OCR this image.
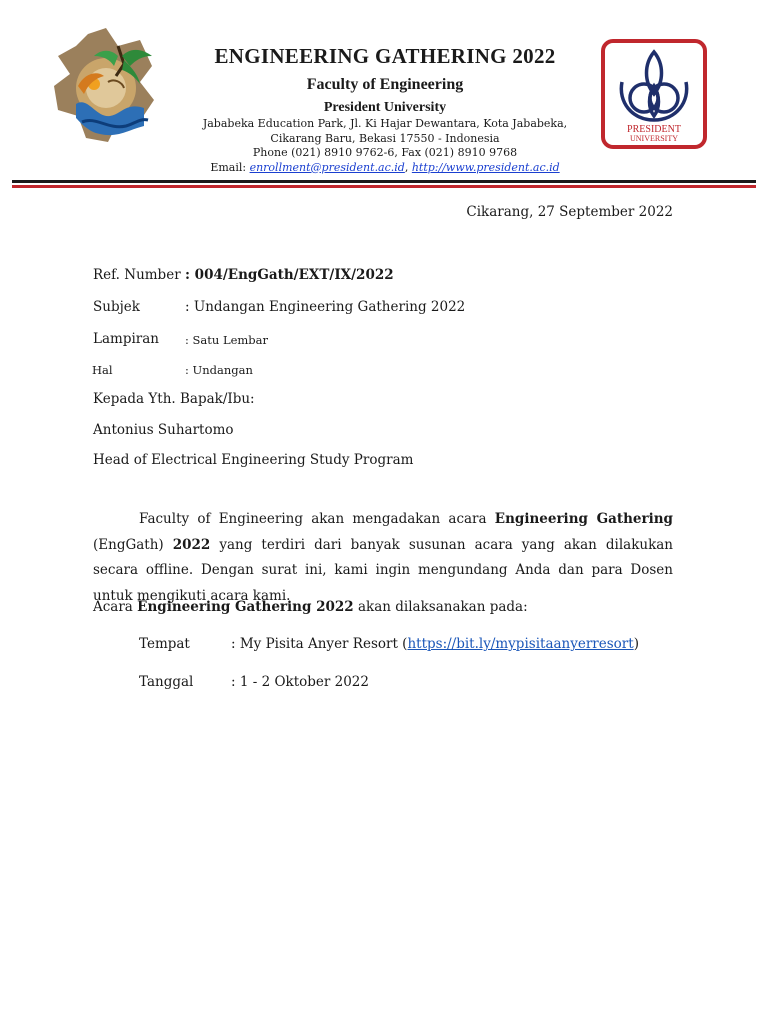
ENGINEERING GATHERING 2022
Faculty of Engineering
President University
Jababeka Education Park, Jl. Ki Hajar Dewantara, Kota Jababeka,
Cikarang Baru, Bekasi 17550 - Indonesia
Phone (021) 8910 9762-6, Fax (021) 8910 9768
Email: enrollment@president.ac.id, http://www.president.ac.id
PRESIDENT
UNIVERSITY
Cikarang, 27 September 2022
Ref. Number : 004/EngGath/EXT/IX/2022
Subjek	: Undangan Engineering Gathering 2022
Lampiran : Satu Lembar
Hal	: Undangan
Kepada Yth. Bapak/Ibu:
Antonius Suhartomo
Head of Electrical Engineering Study Program
Faculty of Engineering akan mengadakan acara Engineering Gathering (EngGath) 2022 yang terdiri dari banyak susunan acara yang akan dilakukan secara offline. Dengan surat ini, kami ingin mengundang Anda dan para Dosen untuk mengikuti acara kami.
Acara Engineering Gathering 2022 akan dilaksanakan pada:
Tempat	: My Pisita Anyer Resort (https://bit.ly/mypisitaanyerresort)
Tanggal	: 1 - 2 Oktober 2022
